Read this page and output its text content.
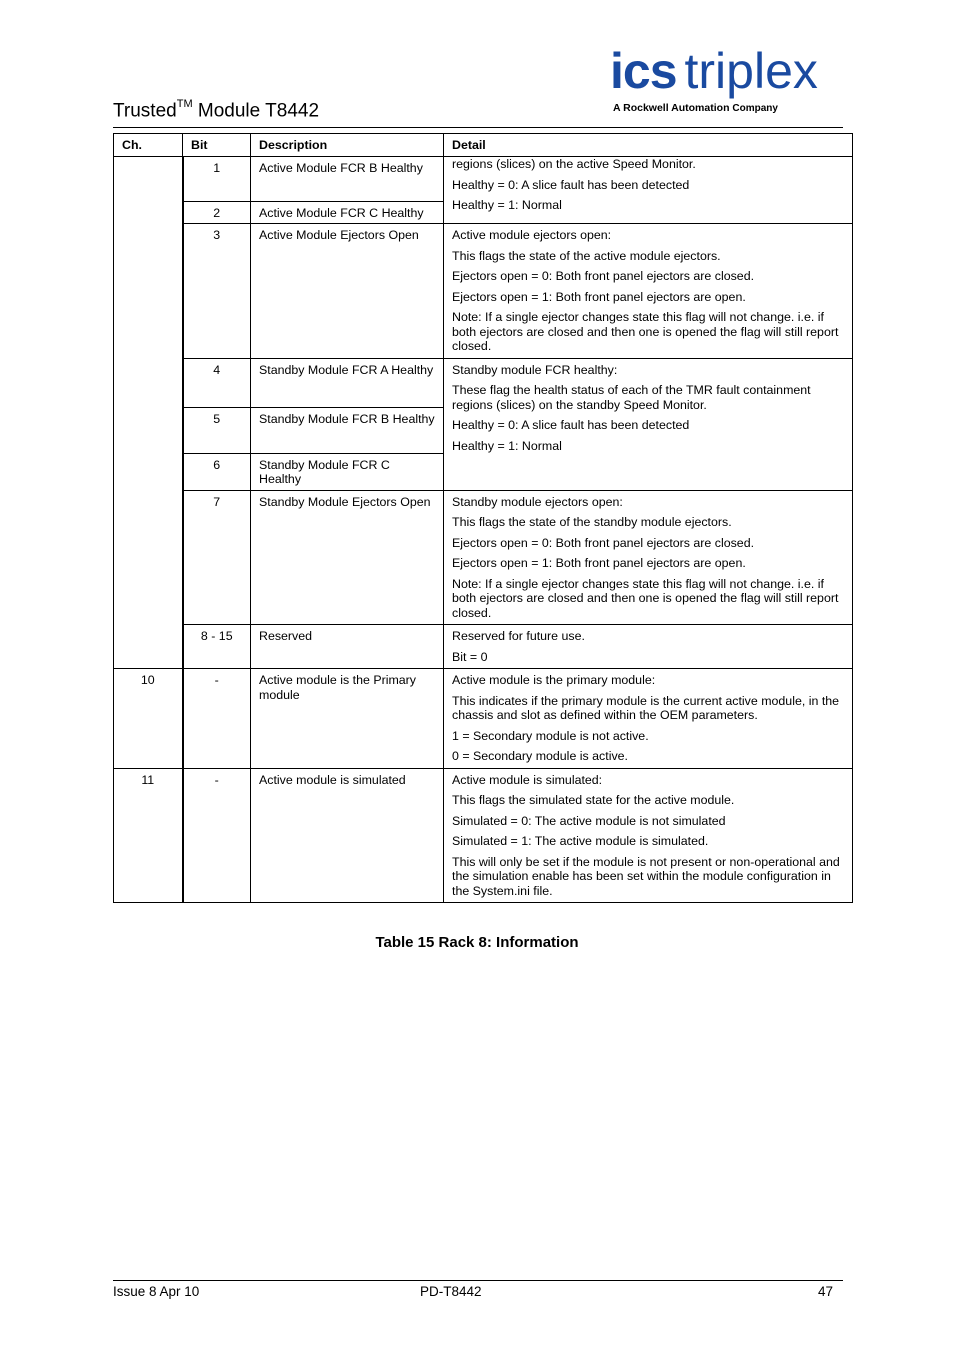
Trusted™ Module T8442
ics triplex
A Rockwell Automation Company
Ch.	Bit	Description	Detail

	1	Active Module FCR B Healthy	regions (slices) on the active Speed Monitor.

Healthy = 0: A slice fault has been detected

Healthy = 1: Normal

	2	Active Module FCR C Healthy	

	3	Active Module Ejectors Open	Active module ejectors open:

This flags the state of the active module ejectors.

Ejectors open = 0: Both front panel ejectors are closed.

Ejectors open = 1: Both front panel ejectors are open.

Note: If a single ejector changes state this flag will not change. i.e. if both ejectors are closed and then one is opened the flag will still report closed.

	4	Standby Module FCR A Healthy	Standby module FCR healthy:

These flag the health status of each of the TMR fault containment regions (slices) on the standby Speed Monitor.

Healthy = 0: A slice fault has been detected

Healthy = 1: Normal

	5	Standby Module FCR B Healthy	

	6	Standby Module FCR C Healthy	

	7	Standby Module Ejectors Open	Standby module ejectors open:

This flags the state of the standby module ejectors.

Ejectors open = 0: Both front panel ejectors are closed.

Ejectors open = 1: Both front panel ejectors are open.

Note: If a single ejector changes state this flag will not change. i.e. if both ejectors are closed and then one is opened the flag will still report closed.

	8 - 15	Reserved	Reserved for future use.

Bit = 0

10	-	Active module is the Primary module	Active module is the primary module:

This indicates if the primary module is the current active module, in the chassis and slot as defined within the OEM parameters.

1 = Secondary module is not active.

0 = Secondary module is active.

11	-	Active module is simulated	Active module is simulated:

This flags the simulated state for the active module.

Simulated = 0: The active module is not simulated

Simulated = 1: The active module is simulated.

This will only be set if the module is not present or non-operational and the simulation enable has been set within the module configuration in the System.ini file.

Table 15 Rack 8: Information
Issue 8 Apr 10	PD-T8442	47
